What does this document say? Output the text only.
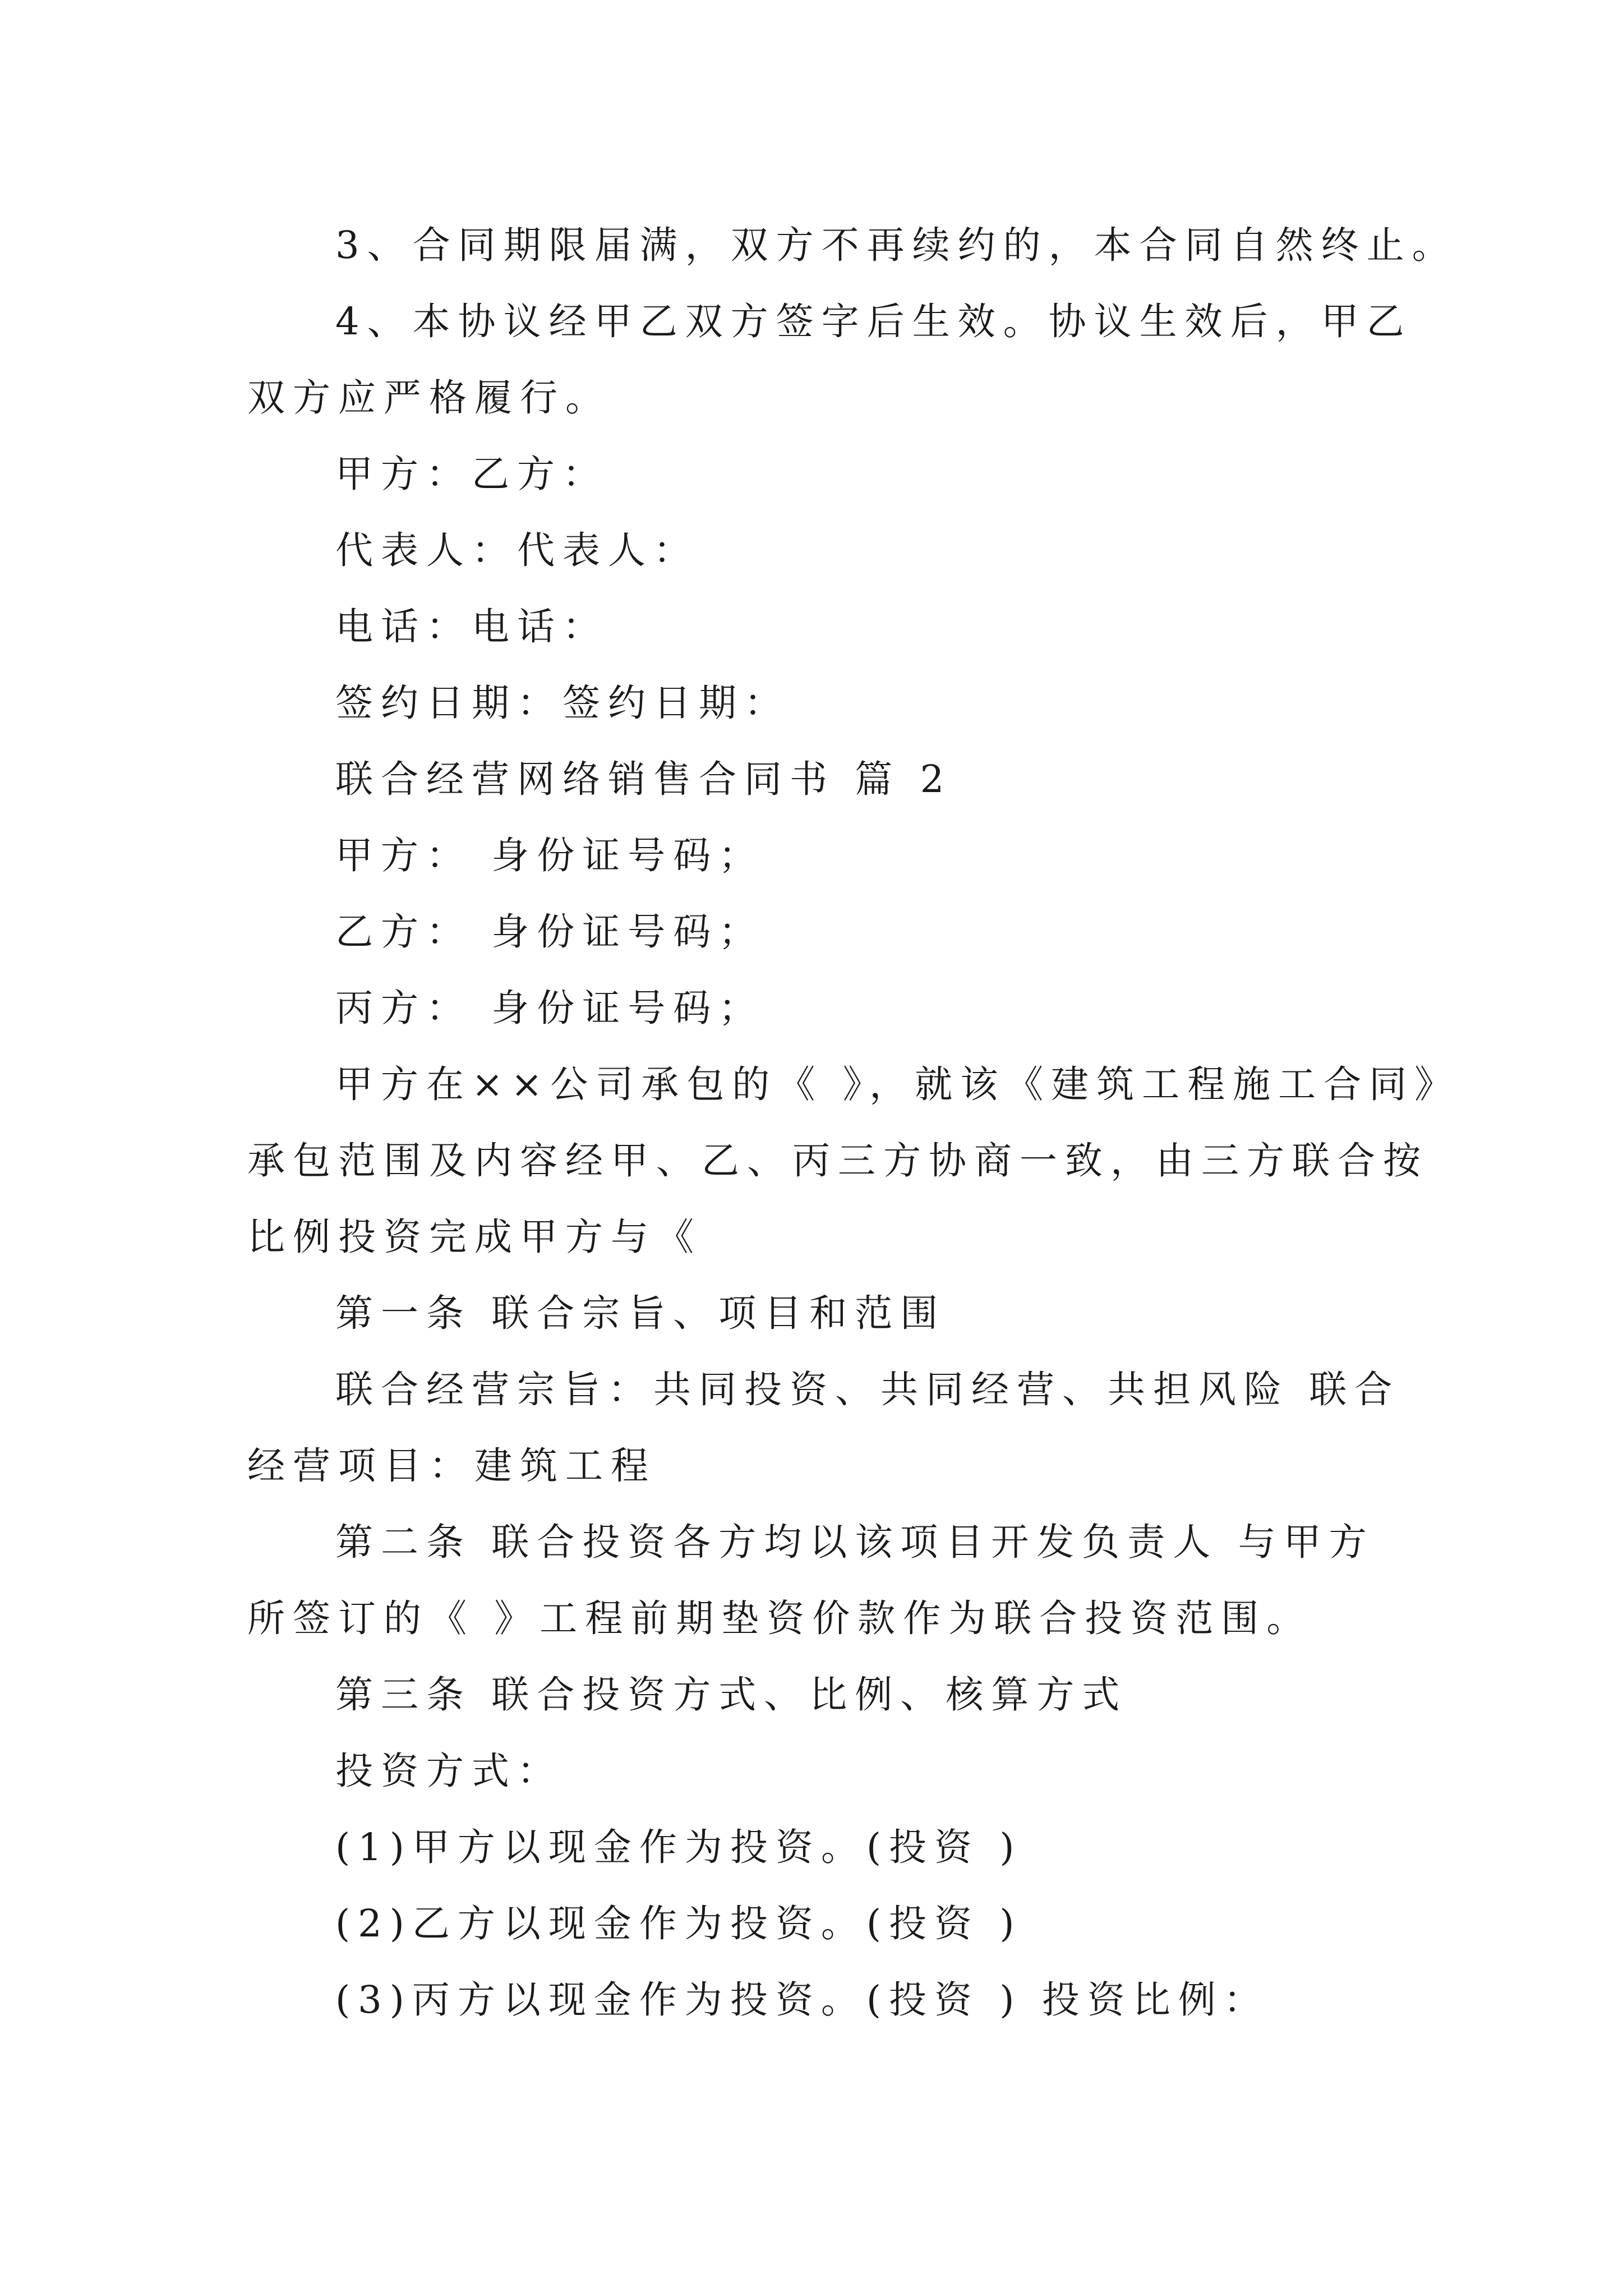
3、合同期限届满，双方不再续约的，本合同自然终止。
4、本协议经甲乙双方签字后生效。协议生效后，甲乙
双方应严格履行。
甲方：乙方：
代表人：代表人：
电话：电话：
签约日期：签约日期：
联合经营网络销售合同书 篇 2
甲方： 身份证号码；
乙方： 身份证号码；
丙方： 身份证号码；
甲方在××公司承包的《 》，就该《建筑工程施工合同》
承包范围及内容经甲、乙、丙三方协商一致，由三方联合按
比例投资完成甲方与《
第一条 联合宗旨、项目和范围
联合经营宗旨：共同投资、共同经营、共担风险 联合
经营项目：建筑工程
第二条 联合投资各方均以该项目开发负责人 与甲方
所签订的《 》工程前期垫资价款作为联合投资范围。
第三条 联合投资方式、比例、核算方式
投资方式：
(1)甲方以现金作为投资。(投资 )
(2)乙方以现金作为投资。(投资 )
(3)丙方以现金作为投资。(投资 ) 投资比例：
